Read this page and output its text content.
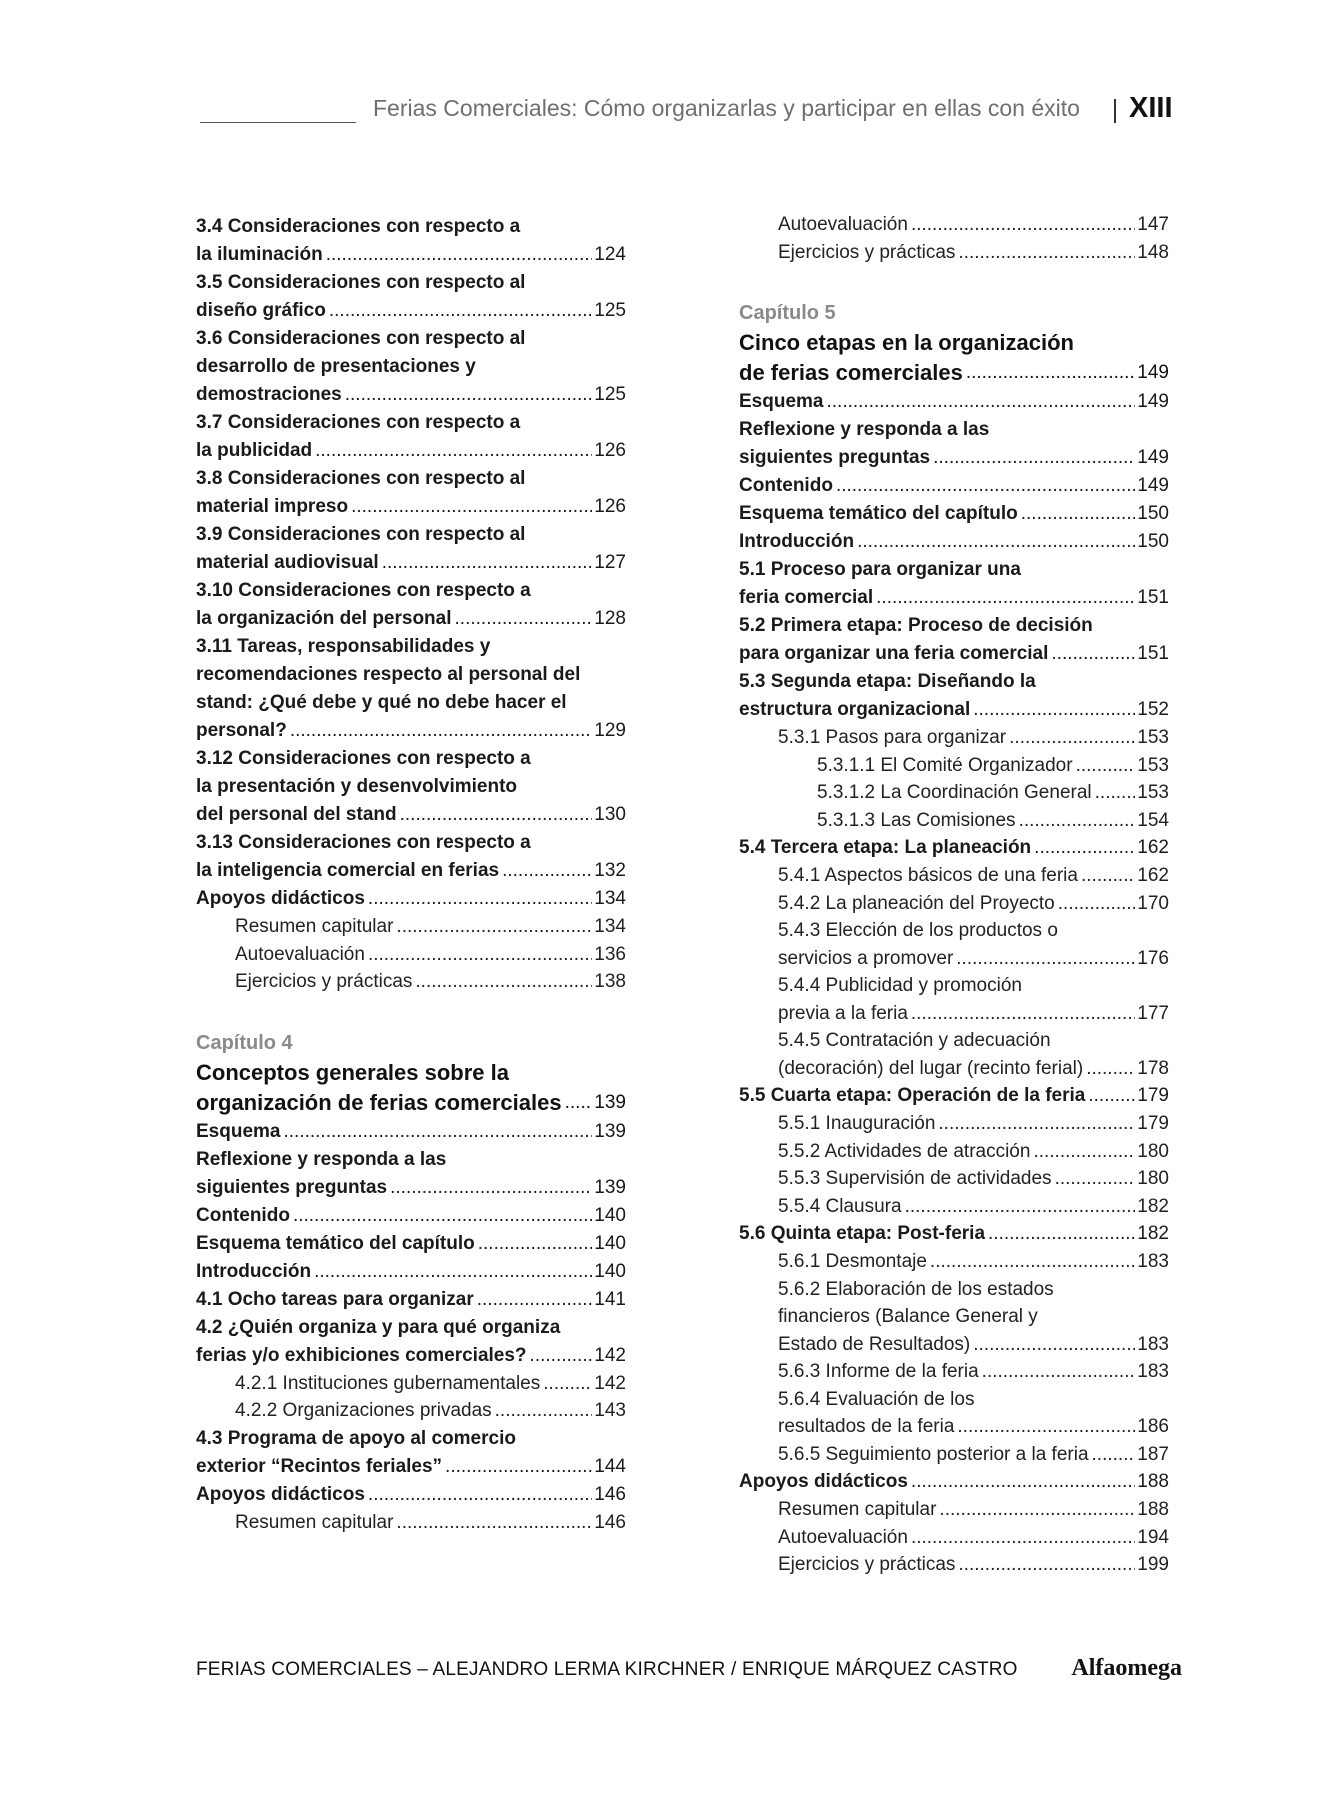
Ferias Comerciales: Cómo organizarlas y participar en ellas con éxito XIII
3.4 Consideraciones con respecto a
la iluminación .....	124
3.5 Consideraciones con respecto al
diseño gráfico .....	125
3.6 Consideraciones con respecto al
desarrollo de presentaciones y
demostraciones .....	125
3.7 Consideraciones con respecto a
la publicidad .....	126
3.8 Consideraciones con respecto al
material impreso .....	126
3.9 Consideraciones con respecto al
material audiovisual .....	127
3.10 Consideraciones con respecto a
la organización del personal .....	128
3.11 Tareas, responsabilidades y
recomendaciones respecto al personal del
stand: ¿Qué debe y qué no debe hacer el
personal? .....	129
3.12 Consideraciones con respecto a
la presentación y desenvolvimiento
del personal del stand .....	130
3.13 Consideraciones con respecto a
la inteligencia comercial en ferias .....	132
Apoyos didácticos .....	134
Resumen capitular .....	134
Autoevaluación .....	136
Ejercicios y prácticas .....	138
Capítulo 4
Conceptos generales sobre la
organización de ferias comerciales .....	139
Esquema .....	139
Reflexione y responda a las
siguientes preguntas .....	139
Contenido .....	140
Esquema temático del capítulo .....	140
Introducción .....	140
4.1 Ocho tareas para organizar .....	141
4.2 ¿Quién organiza y para qué organiza
ferias y/o exhibiciones comerciales? .....	142
4.2.1 Instituciones gubernamentales .....	142
4.2.2 Organizaciones privadas .....	143
4.3 Programa de apoyo al comercio
exterior “Recintos feriales” .....	144
Apoyos didácticos .....	146
Resumen capitular .....	146
Autoevaluación .....	147
Ejercicios y prácticas .....	148
Capítulo 5
Cinco etapas en la organización
de ferias comerciales .....	149
Esquema .....	149
Reflexione y responda a las
siguientes preguntas .....	149
Contenido .....	149
Esquema temático del capítulo .....	150
Introducción .....	150
5.1 Proceso para organizar una
feria comercial .....	151
5.2 Primera etapa: Proceso de decisión
para organizar una feria comercial .....	151
5.3 Segunda etapa: Diseñando la
estructura organizacional .....	152
5.3.1 Pasos para organizar .....	153
5.3.1.1 El Comité Organizador .....	153
5.3.1.2 La Coordinación General .....	153
5.3.1.3 Las Comisiones .....	154
5.4 Tercera etapa: La planeación .....	162
5.4.1 Aspectos básicos de una feria .....	162
5.4.2 La planeación del Proyecto .....	170
5.4.3 Elección de los productos o
servicios a promover .....	176
5.4.4 Publicidad y promoción
previa a la feria .....	177
5.4.5 Contratación y adecuación
(decoración) del lugar (recinto ferial) .....	178
5.5 Cuarta etapa: Operación de la feria .....	179
5.5.1 Inauguración .....	179
5.5.2 Actividades de atracción .....	180
5.5.3 Supervisión de actividades .....	180
5.5.4 Clausura .....	182
5.6 Quinta etapa: Post-feria .....	182
5.6.1 Desmontaje .....	183
5.6.2 Elaboración de los estados
financieros (Balance General y
Estado de Resultados) .....	183
5.6.3 Informe de la feria .....	183
5.6.4 Evaluación de los
resultados de la feria .....	186
5.6.5 Seguimiento posterior a la feria .....	187
Apoyos didácticos .....	188
Resumen capitular .....	188
Autoevaluación .....	194
Ejercicios y prácticas .....	199
FERIAS COMERCIALES – ALEJANDRO LERMA KIRCHNER / ENRIQUE MÁRQUEZ CASTRO Alfaomega
